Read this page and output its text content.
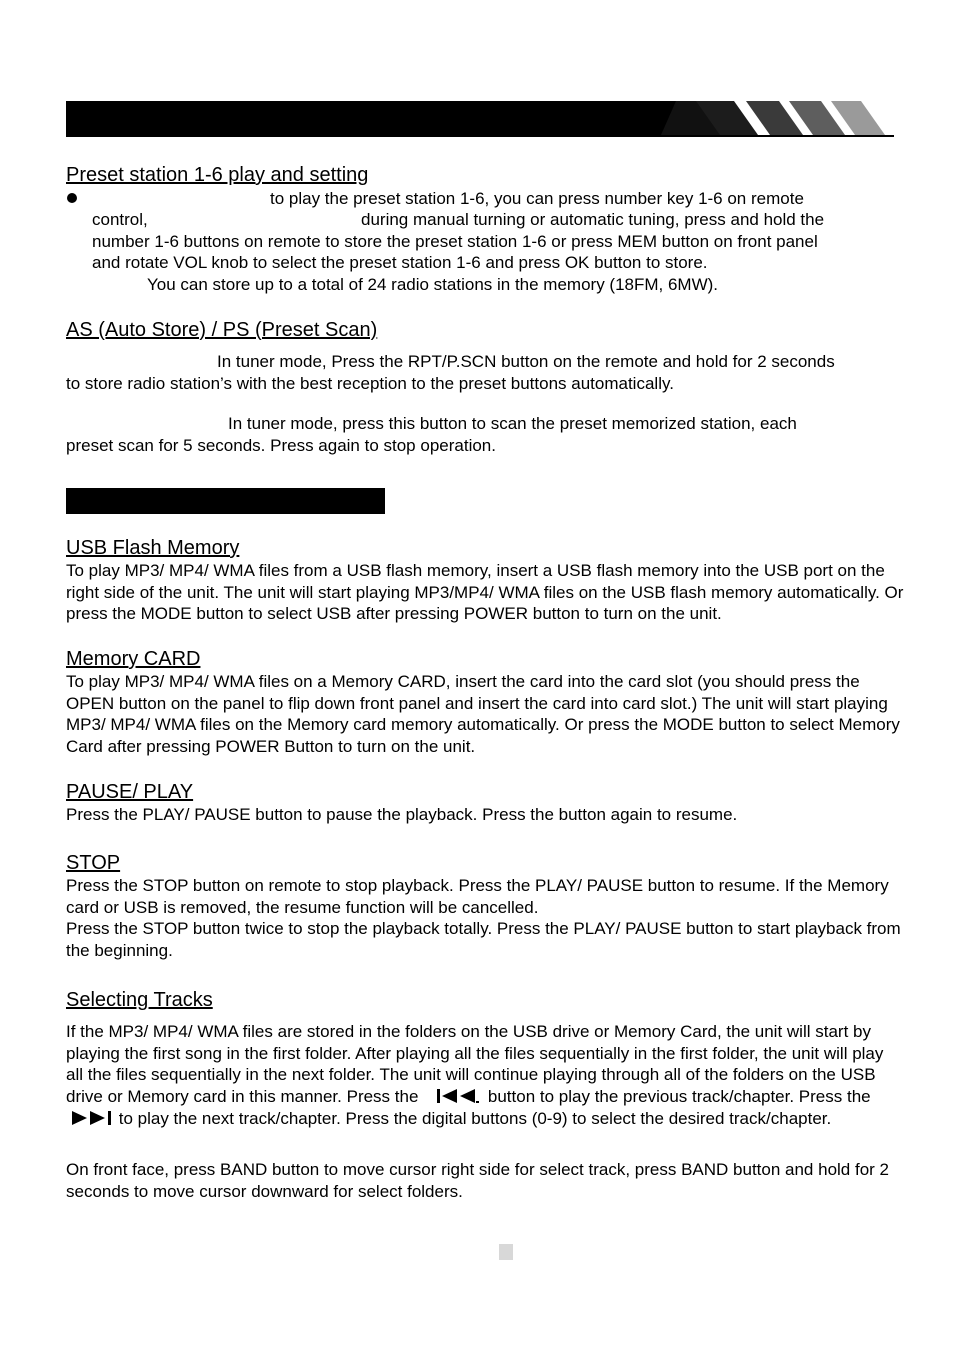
Preset station 1-6 play and setting
to play the preset station 1-6, you can press number key 1-6 on remote
control,	during manual turning or automatic tuning, press and hold the
number 1-6 buttons on remote to store the preset station 1-6 or press MEM button on front panel
and rotate VOL knob to select the preset station 1-6 and press OK button to store.
You can store up to a total of 24 radio stations in the memory (18FM, 6MW).
AS (Auto Store) / PS (Preset Scan)
In tuner mode, Press the RPT/P.SCN button on the remote and hold for 2 seconds
to store radio station’s with the best reception to the preset buttons automatically.
In tuner mode, press this button to scan the preset memorized station, each
preset scan for 5 seconds. Press again to stop operation.
USB Flash Memory
To play MP3/ MP4/ WMA files from a USB flash memory, insert a USB flash memory into the USB port on the right side of the unit. The unit will start playing MP3/MP4/ WMA files on the USB flash memory automatically. Or press the MODE button to select USB after pressing POWER button to turn on the unit.
Memory CARD
To play MP3/ MP4/ WMA files on a Memory CARD, insert the card into the card slot (you should press the OPEN button on the panel to flip down front panel and insert the card into card slot.) The unit will start playing MP3/ MP4/ WMA files on the Memory card memory automatically. Or press the MODE button to select Memory Card after pressing POWER Button to turn on the unit.
PAUSE/ PLAY
Press the PLAY/ PAUSE button to pause the playback. Press the button again to resume.
STOP
Press the STOP button on remote to stop playback. Press the PLAY/ PAUSE button to resume. If the Memory card or USB is removed, the resume function will be cancelled.
Press the STOP button twice to stop the playback totally. Press the PLAY/ PAUSE button to start playback from the beginning.
Selecting Tracks
If the MP3/ MP4/ WMA files are stored in the folders on the USB drive or Memory Card, the unit will start by playing the first song in the first folder. After playing all the files sequentially in the first folder, the unit will play all the files sequentially in the next folder. The unit will continue playing through all of the folders on the USB drive or Memory card in this manner. Press the	button to play the previous track/chapter. Press the  to play the next track/chapter. Press the digital buttons (0-9) to select the desired track/chapter.
On front face, press BAND button to move cursor right side for select track, press BAND button and hold for 2 seconds to move cursor downward for select folders.
